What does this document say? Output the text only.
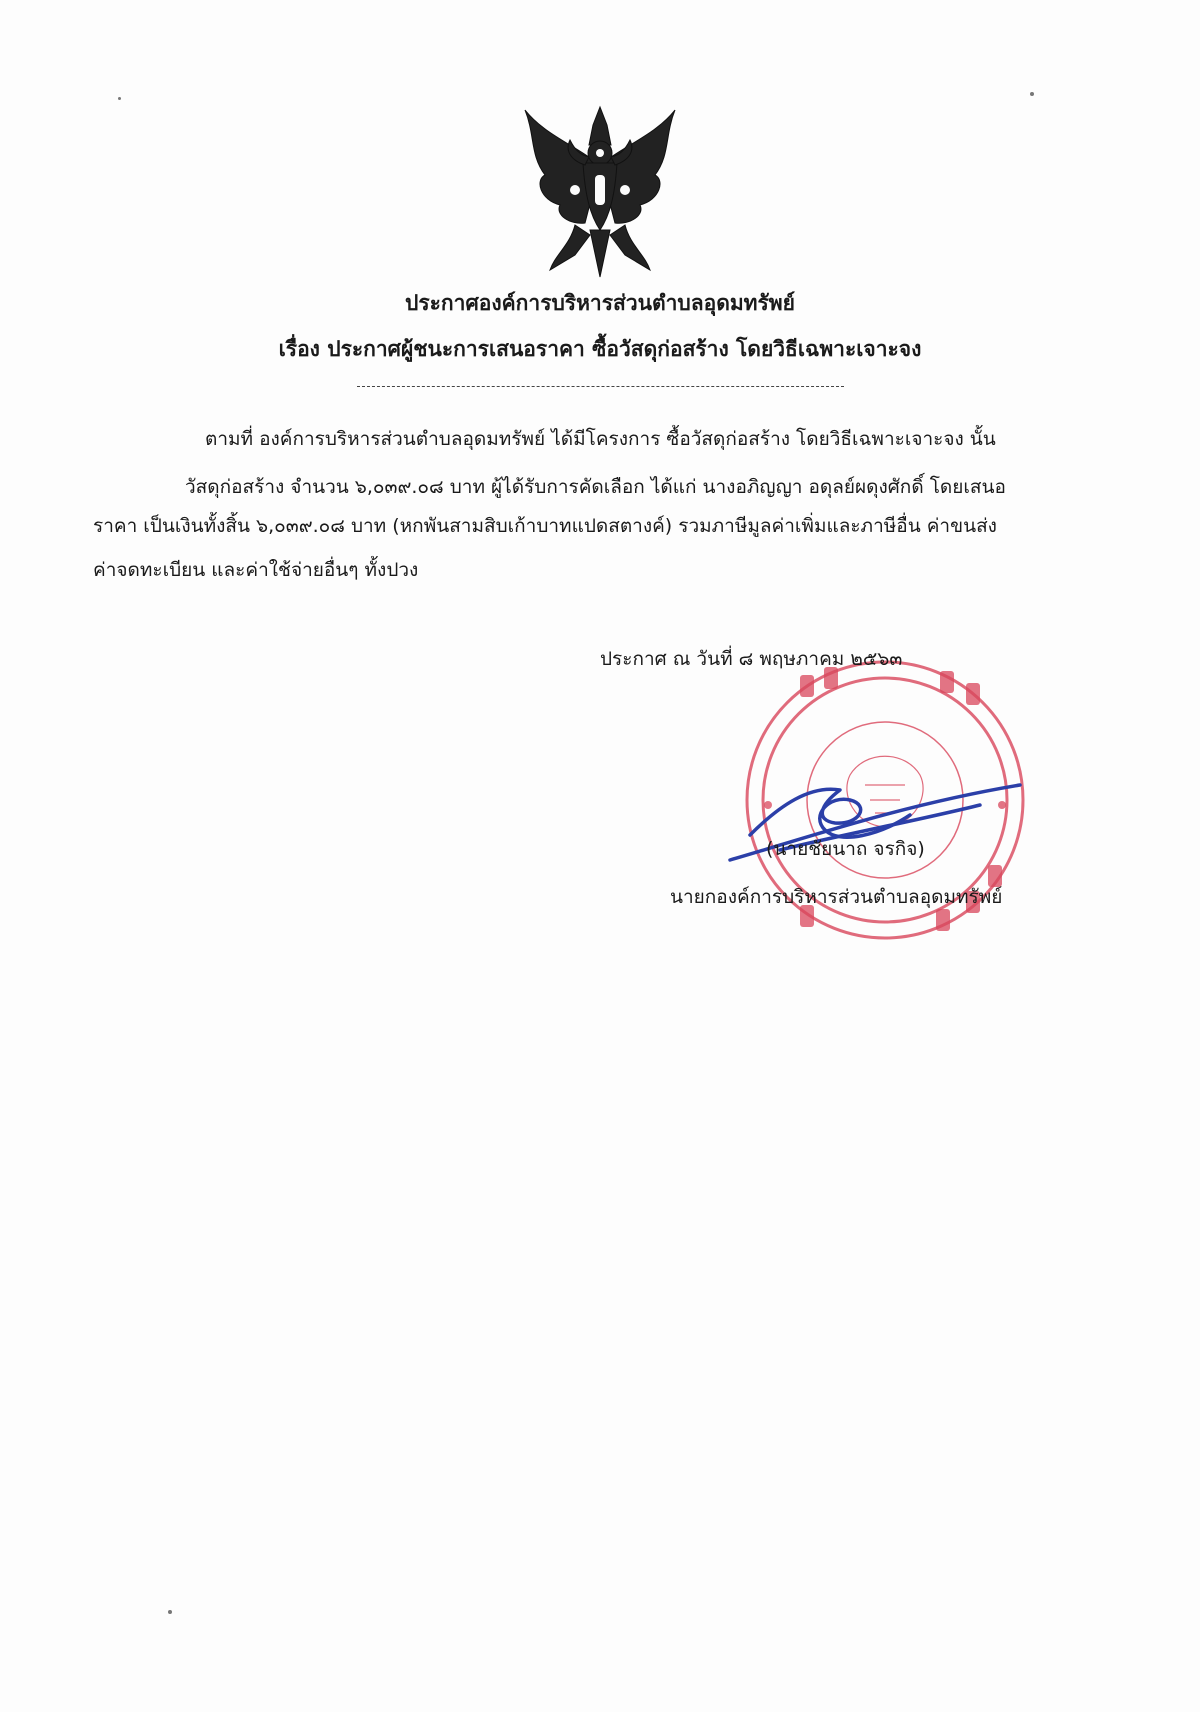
ประกาศองค์การบริหารส่วนตำบลอุดมทรัพย์
เรื่อง ประกาศผู้ชนะการเสนอราคา ซื้อวัสดุก่อสร้าง โดยวิธีเฉพาะเจาะจง
ตามที่ องค์การบริหารส่วนตำบลอุดมทรัพย์ ได้มีโครงการ ซื้อวัสดุก่อสร้าง โดยวิธีเฉพาะเจาะจง นั้น
วัสดุก่อสร้าง จำนวน ๖,๐๓๙.๐๘ บาท ผู้ได้รับการคัดเลือก ได้แก่ นางอภิญญา อดุลย์ผดุงศักดิ์ โดยเสนอ
ราคา เป็นเงินทั้งสิ้น ๖,๐๓๙.๐๘ บาท (หกพันสามสิบเก้าบาทแปดสตางค์) รวมภาษีมูลค่าเพิ่มและภาษีอื่น ค่าขนส่ง
ค่าจดทะเบียน และค่าใช้จ่ายอื่นๆ ทั้งปวง
ประกาศ ณ วันที่ ๘ พฤษภาคม ๒๕๖๓
(นายชัยนาถ จรกิจ)
นายกองค์การบริหารส่วนตำบลอุดมทรัพย์
